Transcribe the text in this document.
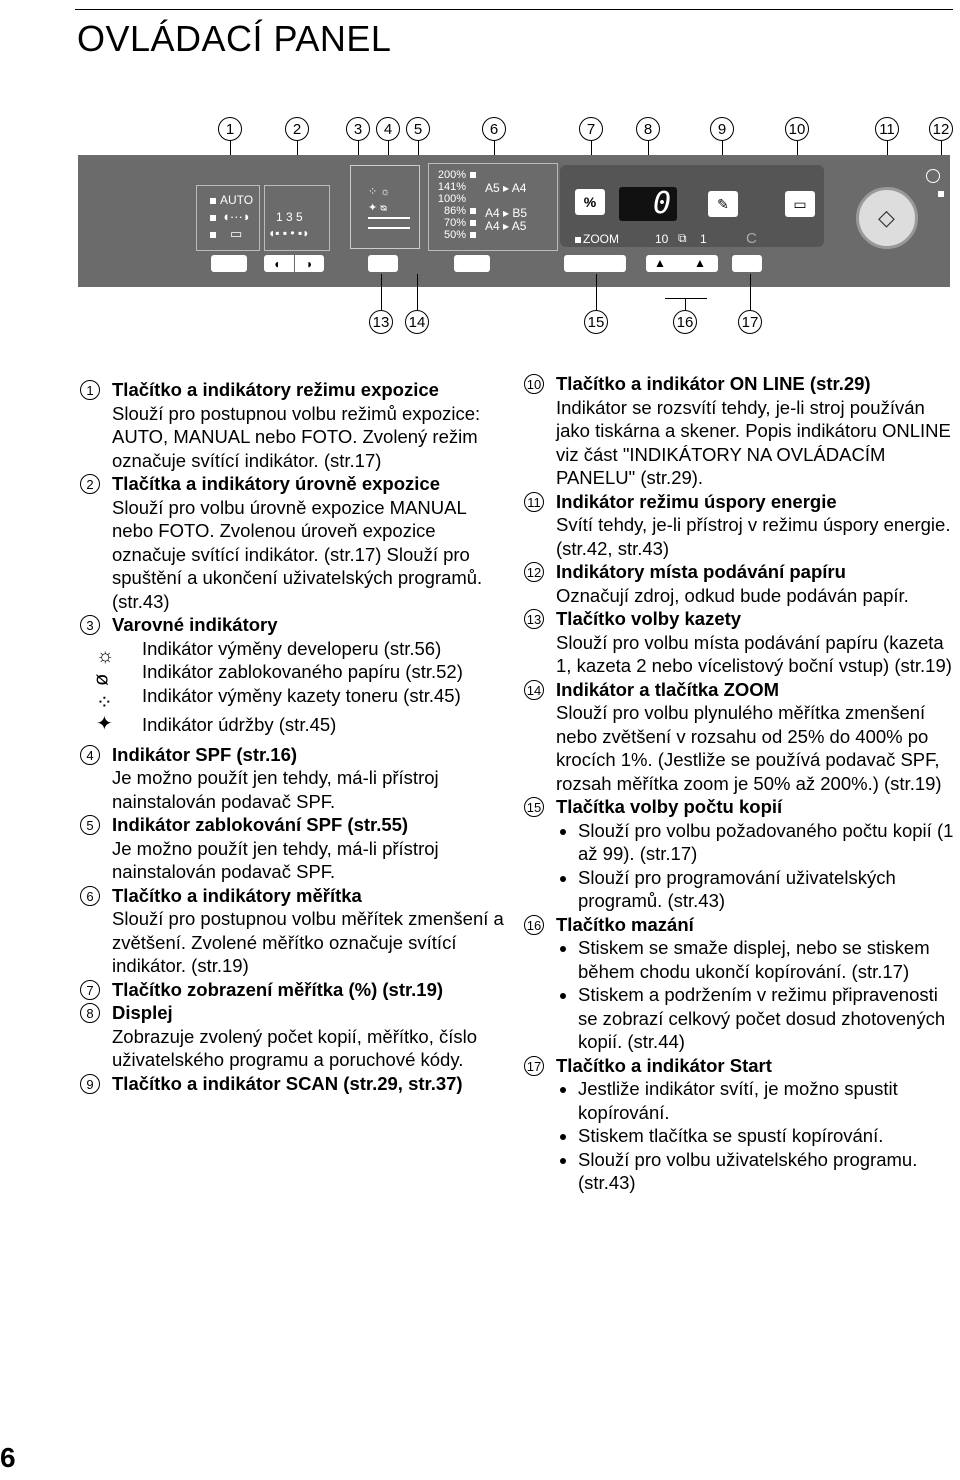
OVLÁDACÍ PANEL
1	2	3	4	5	6	7	8	9	10	11	12
AUTO
◖···◗
▭
1 3 5
◖▪ ▪ • ▪◗
◖ ◗
⁘ ☼
✦ ᴓ
200%
141%
100%
86%
70%
50%
A5 ▸ A4
A4 ▸ B5
A4 ▸ A5
%	0	✎	▭
ZOOM	10 ⧉ 1	C
▲ ▲
◇
13 14	15	16	17
1 Tlačítko a indikátory režimu expozice
Slouží pro postupnou volbu režimů expozice: AUTO, MANUAL nebo FOTO. Zvolený režim označuje svítící indikátor. (str.17)
2 Tlačítka a indikátory úrovně expozice
Slouží pro volbu úrovně expozice MANUAL nebo FOTO. Zvolenou úroveň expozice označuje svítící indikátor. (str.17) Slouží pro spuštění a ukončení uživatelských programů. (str.43)
3 Varovné indikátory
☼ Indikátor výměny developeru (str.56)
ᴓ Indikátor zablokovaného papíru (str.52)
⁘ Indikátor výměny kazety toneru (str.45)
✦ Indikátor údržby (str.45)
4 Indikátor SPF (str.16)
Je možno použít jen tehdy, má-li přístroj nainstalován podavač SPF.
5 Indikátor zablokování SPF (str.55)
Je možno použít jen tehdy, má-li přístroj nainstalován podavač SPF.
6 Tlačítko a indikátory měřítka
Slouží pro postupnou volbu měřítek zmenšení a zvětšení. Zvolené měřítko označuje svítící indikátor. (str.19)
7 Tlačítko zobrazení měřítka (%) (str.19)
8 Displej
Zobrazuje zvolený počet kopií, měřítko, číslo uživatelského programu a poruchové kódy.
9 Tlačítko a indikátor SCAN (str.29, str.37)
10 Tlačítko a indikátor ON LINE (str.29)
Indikátor se rozsvítí tehdy, je-li stroj používán jako tiskárna a skener. Popis indikátoru ONLINE viz část "INDIKÁTORY NA OVLÁDACÍM PANELU" (str.29).
11 Indikátor režimu úspory energie
Svítí tehdy, je-li přístroj v režimu úspory energie. (str.42, str.43)
12 Indikátory místa podávání papíru
Označují zdroj, odkud bude podáván papír.
13 Tlačítko volby kazety
Slouží pro volbu místa podávání papíru (kazeta 1, kazeta 2 nebo vícelistový boční vstup) (str.19)
14 Indikátor a tlačítka ZOOM
Slouží pro volbu plynulého měřítka zmenšení nebo zvětšení v rozsahu od 25% do 400% po krocích 1%. (Jestliže se používá podavač SPF, rozsah měřítka zoom je 50% až 200%.) (str.19)
15 Tlačítka volby počtu kopií
• Slouží pro volbu požadovaného počtu kopií (1 až 99). (str.17)
• Slouží pro programování uživatelských programů. (str.43)
16 Tlačítko mazání
• Stiskem se smaže displej, nebo se stiskem během chodu ukončí kopírování. (str.17)
• Stiskem a podržením v režimu připravenosti se zobrazí celkový počet dosud zhotovených kopií. (str.44)
17 Tlačítko a indikátor Start
• Jestliže indikátor svítí, je možno spustit kopírování.
• Stiskem tlačítka se spustí kopírování.
• Slouží pro volbu uživatelského programu. (str.43)
6
